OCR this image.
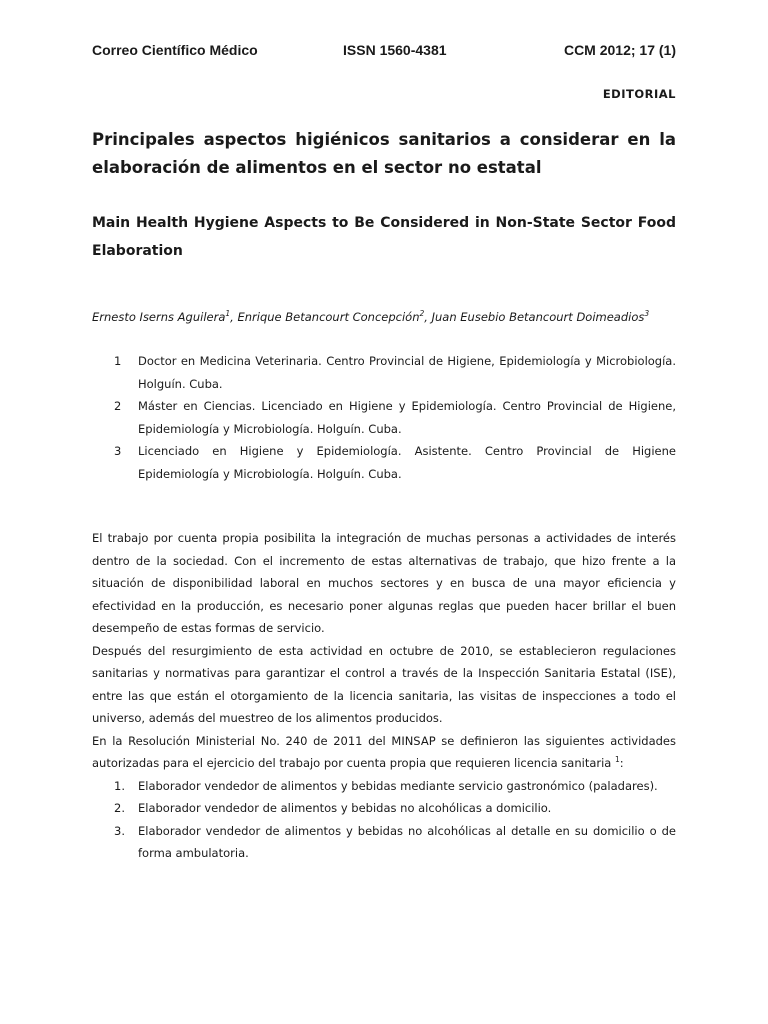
Correo Científico Médico	ISSN 1560-4381	CCM 2012; 17 (1)
EDITORIAL
Principales aspectos higiénicos sanitarios a considerar en la elaboración de alimentos en el sector no estatal
Main Health Hygiene Aspects to Be Considered in Non-State Sector Food Elaboration

Ernesto Iserns Aguilera$^1$, Enrique Betancourt Concepción$^2$, Juan Eusebio Betancourt Doimeadios$^3$

1 Doctor en Medicina Veterinaria. Centro Provincial de Higiene, Epidemiología y Microbiología. Holguín. Cuba.
2 Máster en Ciencias. Licenciado en Higiene y Epidemiología. Centro Provincial de Higiene, Epidemiología y Microbiología. Holguín. Cuba.
3 Licenciado en Higiene y Epidemiología. Asistente. Centro Provincial de Higiene Epidemiología y Microbiología. Holguín. Cuba.

El trabajo por cuenta propia posibilita la integración de muchas personas a actividades de interés dentro de la sociedad. Con el incremento de estas alternativas de trabajo, que hizo frente a la situación de disponibilidad laboral en muchos sectores y en busca de una mayor eficiencia y efectividad en la producción, es necesario poner algunas reglas que pueden hacer brillar el buen desempeño de estas formas de servicio.

Después del resurgimiento de esta actividad en octubre de 2010, se establecieron regulaciones sanitarias y normativas para garantizar el control a través de la Inspección Sanitaria Estatal (ISE), entre las que están el otorgamiento de la licencia sanitaria, las visitas de inspecciones a todo el universo, además del muestreo de los alimentos producidos.

En la Resolución Ministerial No. 240 de 2011 del MINSAP se definieron las siguientes actividades autorizadas para el ejercicio del trabajo por cuenta propia que requieren licencia sanitaria $^1$:

1. Elaborador vendedor de alimentos y bebidas mediante servicio gastronómico (paladares).
2. Elaborador vendedor de alimentos y bebidas no alcohólicas a domicilio.
3. Elaborador vendedor de alimentos y bebidas no alcohólicas al detalle en su domicilio o de forma ambulatoria.
